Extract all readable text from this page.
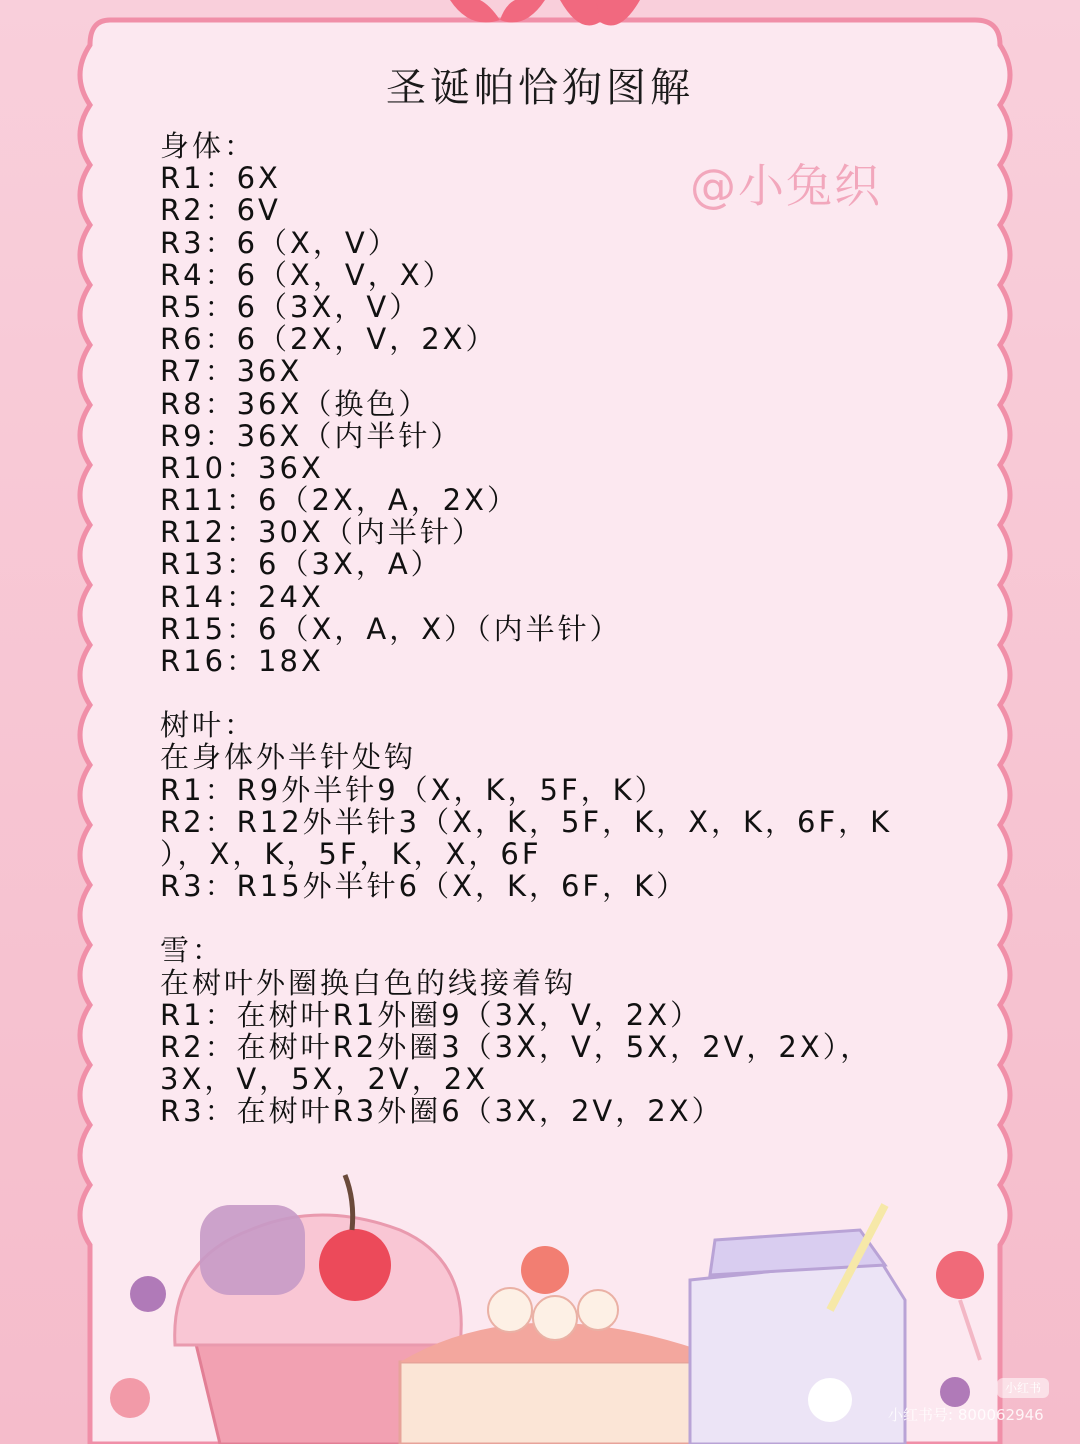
圣诞帕恰狗图解
@小兔织
身体：
R1：6X
R2：6V
R3：6（X，V）
R4：6（X，V，X）
R5：6（3X，V）
R6：6（2X，V，2X）
R7：36X
R8：36X（换色）
R9：36X（内半针）
R10：36X
R11：6（2X，A，2X）
R12：30X（内半针）
R13：6（3X，A）
R14：24X
R15：6（X，A，X）（内半针）
R16：18X
树叶：
在身体外半针处钩
R1：R9外半针9（X，K，5F，K）
R2：R12外半针3（X，K，5F，K，X，K，6F，K
），X，K，5F，K，X，6F
R3：R15外半针6（X，K，6F，K）
雪：
在树叶外圈换白色的线接着钩
R1：在树叶R1外圈9（3X，V，2X）
R2：在树叶R2外圈3（3X，V，5X，2V，2X），
3X，V，5X，2V，2X
R3：在树叶R3外圈6（3X，2V，2X）
小红书
小红书号: 800062946
